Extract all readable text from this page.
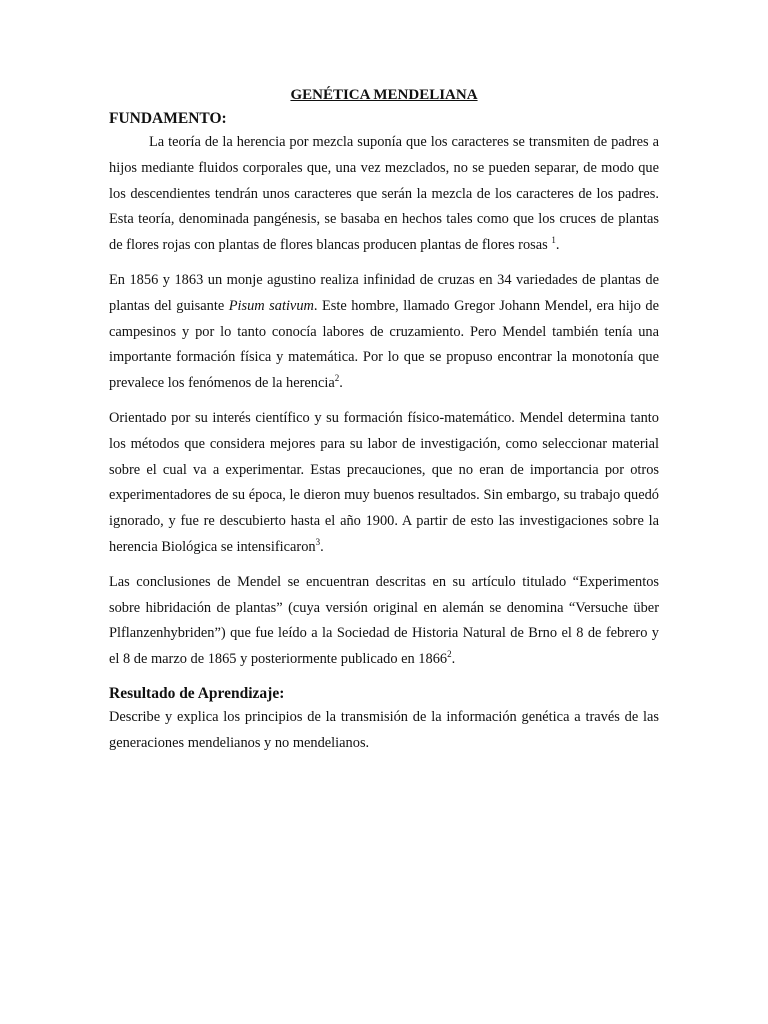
GENÉTICA MENDELIANA
FUNDAMENTO:

La teoría de la herencia por mezcla suponía que los caracteres se transmiten de padres a hijos mediante fluidos corporales que, una vez mezclados, no se pueden separar, de modo que los descendientes tendrán unos caracteres que serán la mezcla de los caracteres de los padres. Esta teoría, denominada pangénesis, se basaba en hechos tales como que los cruces de plantas de flores rojas con plantas de flores blancas producen plantas de flores rosas $^1$.

En 1856 y 1863 un monje agustino realiza infinidad de cruzas en 34 variedades de plantas de plantas del guisante Pisum sativum. Este hombre, llamado Gregor Johann Mendel, era hijo de campesinos y por lo tanto conocía labores de cruzamiento. Pero Mendel también tenía una importante formación física y matemática. Por lo que se propuso encontrar la monotonía que prevalece los fenómenos de la herencia$^2$.

Orientado por su interés científico y su formación físico-matemático. Mendel determina tanto los métodos que considera mejores para su labor de investigación, como seleccionar material sobre el cual va a experimentar. Estas precauciones, que no eran de importancia por otros experimentadores de su época, le dieron muy buenos resultados. Sin embargo, su trabajo quedó ignorado, y fue re descubierto hasta el año 1900. A partir de esto las investigaciones sobre la herencia Biológica se intensificaron$^3$.

Las conclusiones de Mendel se encuentran descritas en su artículo titulado “Experimentos sobre hibridación de plantas” (cuya versión original en alemán se denomina “Versuche über Plflanzenhybriden”) que fue leído a la Sociedad de Historia Natural de Brno el 8 de febrero y el 8 de marzo de 1865 y posteriormente publicado en 1866$^2$.

Resultado de Aprendizaje:

Describe y explica los principios de la transmisión de la información genética a través de las generaciones mendelianos y no mendelianos.
